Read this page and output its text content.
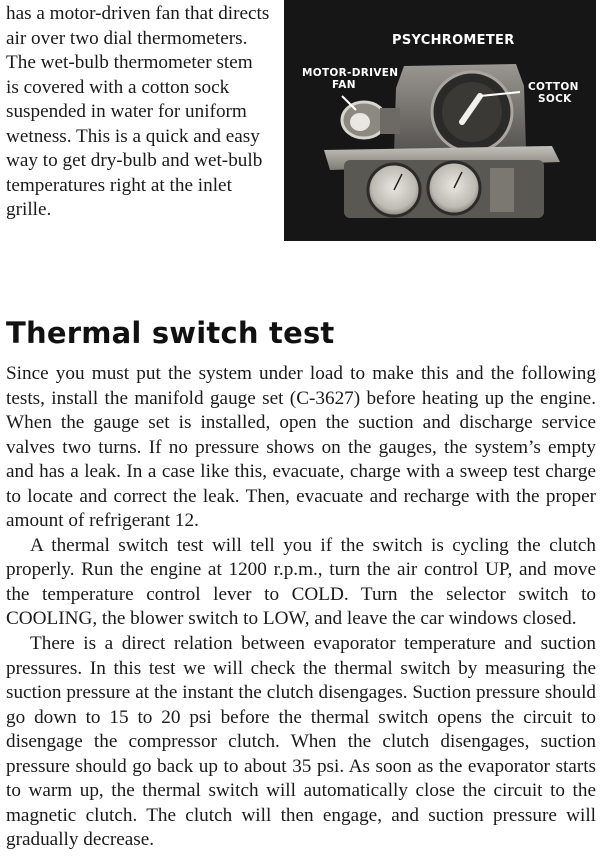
has a motor-driven fan that directs air over two dial thermometers. The wet-bulb thermometer stem is covered with a cotton sock suspended in water for uniform wetness. This is a quick and easy way to get dry-bulb and wet-bulb temperatures right at the inlet grille.

PSYCHROMETER
MOTOR-DRIVEN
FAN	COTTON
SOCK
Thermal switch test

Since you must put the system under load to make this and the following tests, install the manifold gauge set (C-3627) before heating up the engine. When the gauge set is installed, open the suction and discharge service valves two turns. If no pressure shows on the gauges, the system’s empty and has a leak. In a case like this, evacuate, charge with a sweep test charge to locate and correct the leak. Then, evacuate and recharge with the proper amount of refrigerant 12.

A thermal switch test will tell you if the switch is cycling the clutch properly. Run the engine at 1200 r.p.m., turn the air control UP, and move the temperature control lever to COLD. Turn the selector switch to COOLING, the blower switch to LOW, and leave the car windows closed.

There is a direct relation between evaporator temperature and suction pressures. In this test we will check the thermal switch by measuring the suction pressure at the instant the clutch disengages. Suction pressure should go down to 15 to 20 psi before the thermal switch opens the circuit to disengage the compressor clutch. When the clutch disengages, suction pressure should go back up to about 35 psi. As soon as the evaporator starts to warm up, the thermal switch will automatically close the circuit to the magnetic clutch. The clutch will then engage, and suction pressure will gradually decrease.
